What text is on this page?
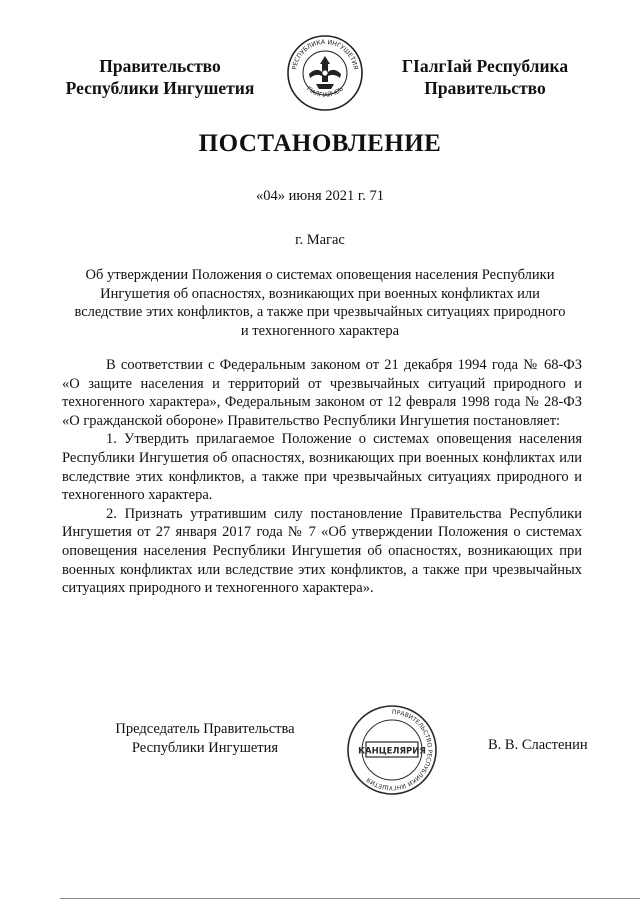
Правительство
Республики Ингушетия
РЕСПУБЛИКА ИНГУШЕТИЯ
ГIАЛГIАЙЧОЬ
ГIалгIай Республика
Правительство
ПОСТАНОВЛЕНИЕ
«04» июня 2021 г. 71
г. Магас
Об утверждении Положения о системах оповещения населения Республики Ингушетия об опасностях, возникающих при военных конфликтах или вследствие этих конфликтов, а также при чрезвычайных ситуациях природного и техногенного характера

В соответствии с Федеральным законом от 21 декабря 1994 года № 68-ФЗ «О защите населения и территорий от чрезвычайных ситуаций природного и техногенного характера», Федеральным законом от 12 февраля 1998 года № 28-ФЗ «О гражданской обороне» Правительство Республики Ингушетия постановляет:

1. Утвердить прилагаемое Положение о системах оповещения населения Республики Ингушетия об опасностях, возникающих при военных конфликтах или вследствие этих конфликтов, а также при чрезвычайных ситуациях природного и техногенного характера.

2. Признать утратившим силу постановление Правительства Республики Ингушетия от 27 января 2017 года № 7 «Об утверждении Положения о системах оповещения населения Республики Ингушетия об опасностях, возникающих при военных конфликтах или вследствие этих конфликтов, а также при чрезвычайных ситуациях природного и техногенного характера».

Председатель Правительства
Республики Ингушетия
ПРАВИТЕЛЬСТВО РЕСПУБЛИКИ ИНГУШЕТИЯ
КАНЦЕЛЯРИЯ	В. В. Сластенин
